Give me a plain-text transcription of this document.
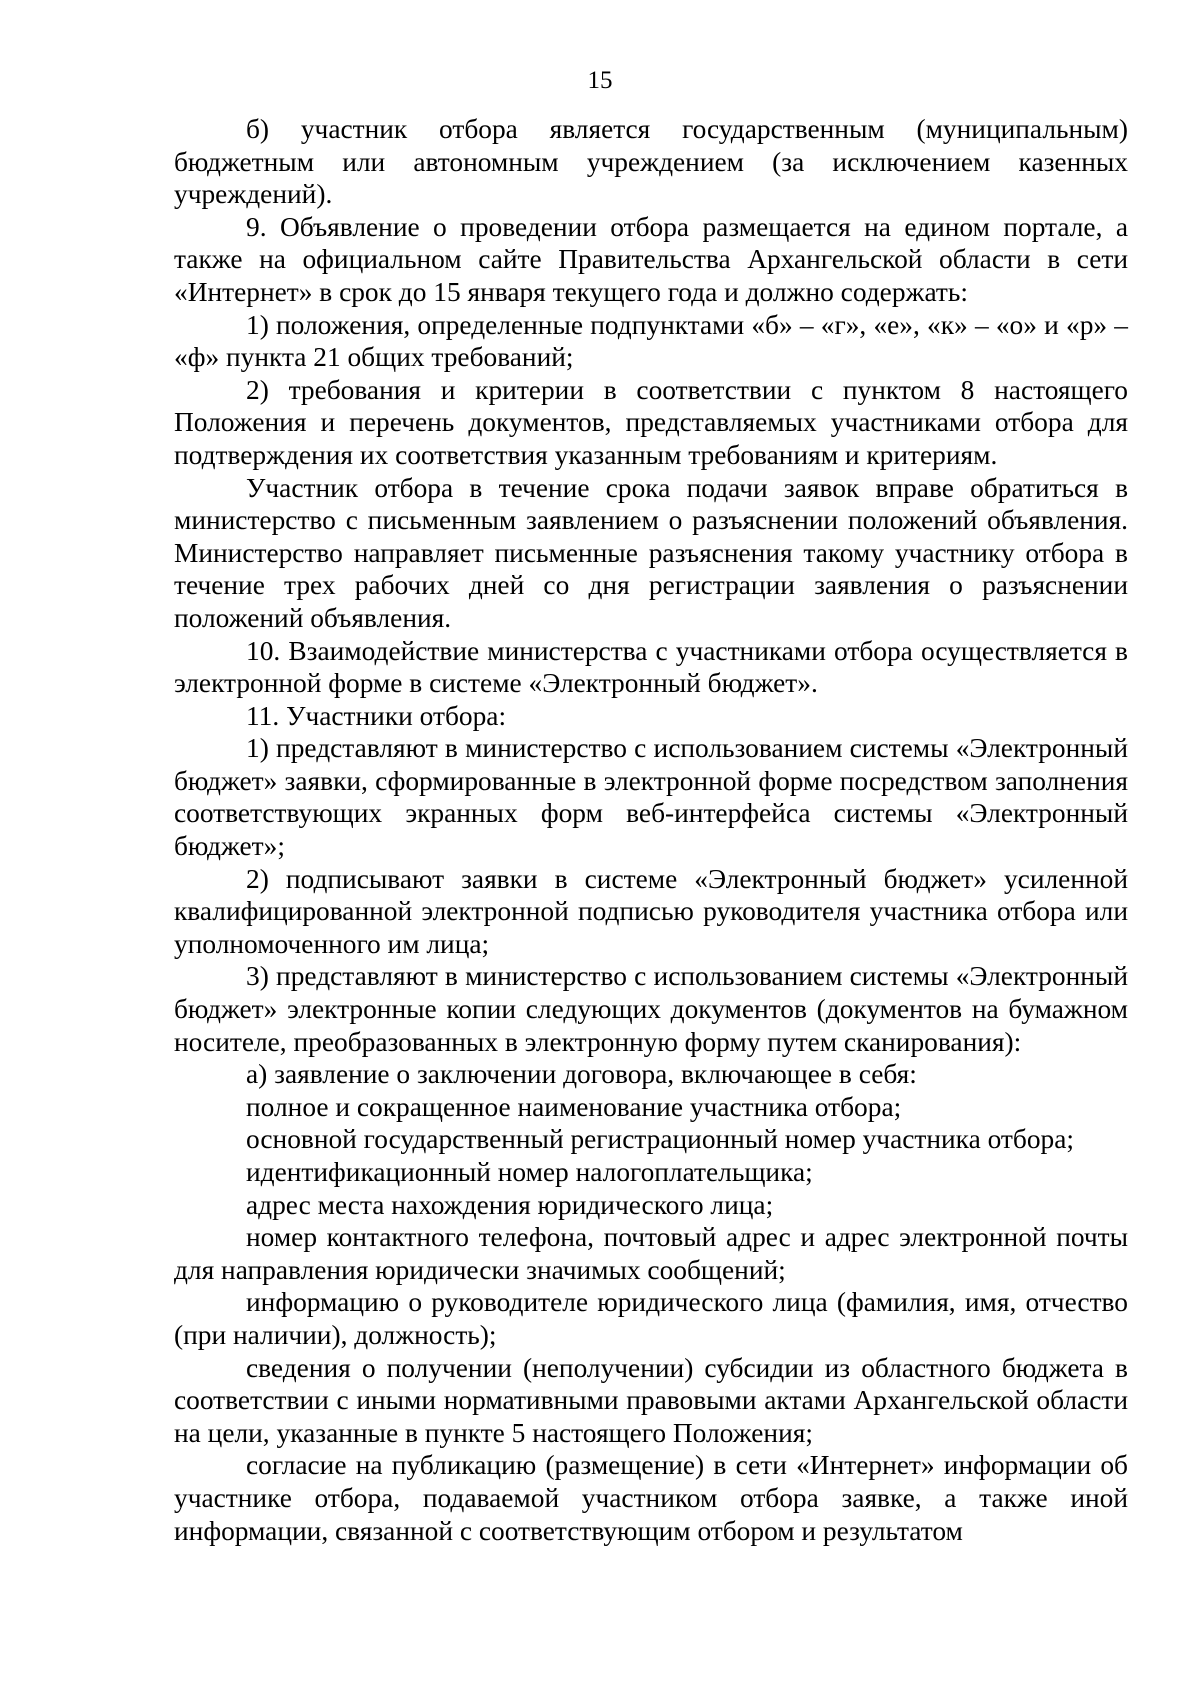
15

б) участник отбора является государственным (муниципальным) бюджетным или автономным учреждением (за исключением казенных учреждений).

9. Объявление о проведении отбора размещается на едином портале, а также на официальном сайте Правительства Архангельской области в сети «Интернет» в срок до 15 января текущего года и должно содержать:

1) положения, определенные подпунктами «б» – «г», «е», «к» – «о» и «р» – «ф» пункта 21 общих требований;

2) требования и критерии в соответствии с пунктом 8 настоящего Положения и перечень документов, представляемых участниками отбора для подтверждения их соответствия указанным требованиям и критериям.

Участник отбора в течение срока подачи заявок вправе обратиться в министерство с письменным заявлением о разъяснении положений объявления. Министерство направляет письменные разъяснения такому участнику отбора в течение трех рабочих дней со дня регистрации заявления о разъяснении положений объявления.

10. Взаимодействие министерства с участниками отбора осуществляется в электронной форме в системе «Электронный бюджет».

11. Участники отбора:

1) представляют в министерство с использованием системы «Электронный бюджет» заявки, сформированные в электронной форме посредством заполнения соответствующих экранных форм веб-интерфейса системы «Электронный бюджет»;

2) подписывают заявки в системе «Электронный бюджет» усиленной квалифицированной электронной подписью руководителя участника отбора или уполномоченного им лица;

3) представляют в министерство с использованием системы «Электронный бюджет» электронные копии следующих документов (документов на бумажном носителе, преобразованных в электронную форму путем сканирования):

а) заявление о заключении договора, включающее в себя:

полное и сокращенное наименование участника отбора;

основной государственный регистрационный номер участника отбора;

идентификационный номер налогоплательщика;

адрес места нахождения юридического лица;

номер контактного телефона, почтовый адрес и адрес электронной почты для направления юридически значимых сообщений;

информацию о руководителе юридического лица (фамилия, имя, отчество (при наличии), должность);

сведения о получении (неполучении) субсидии из областного бюджета в соответствии с иными нормативными правовыми актами Архангельской области на цели, указанные в пункте 5 настоящего Положения;

согласие на публикацию (размещение) в сети «Интернет» информации об участнике отбора, подаваемой участником отбора заявке, а также иной информации, связанной с соответствующим отбором и результатом
